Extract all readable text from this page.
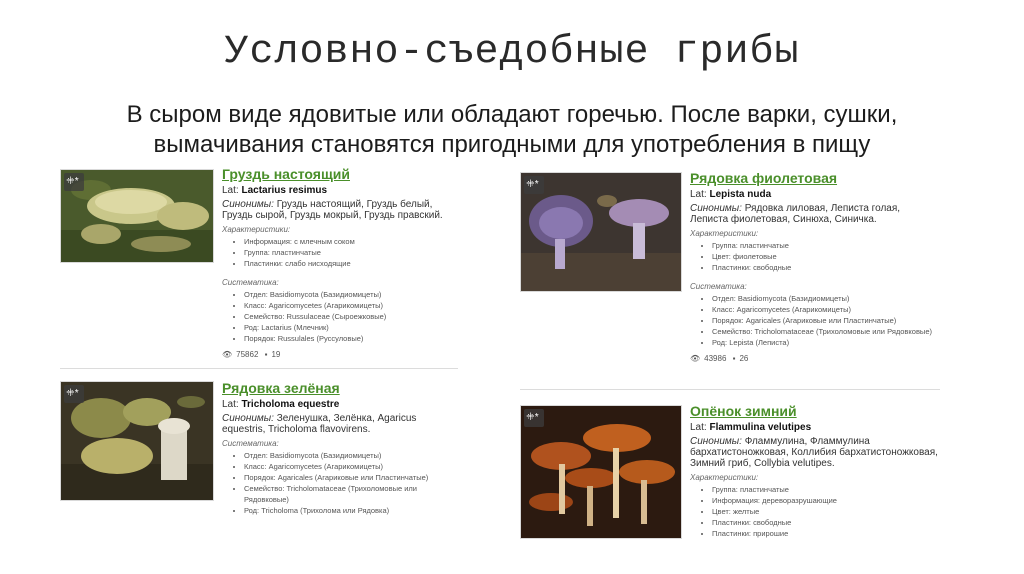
Условно-съедобные грибы
В сыром виде ядовитые или обладают горечью. После варки, сушки,
вымачивания становятся пригодными для употребления в пищу
ꔰ*	Груздь настоящий
Lat: Lactarius resimus
Синонимы: Груздь настоящий, Груздь белый, Груздь сырой, Груздь мокрый, Груздь правский.
Характеристики:
• Информация: с млечным соком
• Группа: пластинчатые
• Пластинки: слабо нисходящие
Систематика:
• Отдел: Basidiomycota (Базидиомицеты)
• Класс: Agaricomycetes (Агарикомицеты)
• Семейство: Russulaceae (Сыроежковые)
• Род: Lactarius (Млечник)
• Порядок: Russulales (Руссуловые)
👁 75862 ▪ 19
ꔰ*	Рядовка фиолетовая
Lat: Lepista nuda
Синонимы: Рядовка лиловая, Леписта голая, Леписта фиолетовая, Синюха, Синичка.
Характеристики:
• Группа: пластинчатые
• Цвет: фиолетовые
• Пластинки: свободные
Систематика:
• Отдел: Basidiomycota (Базидиомицеты)
• Класс: Agaricomycetes (Агарикомицеты)
• Порядок: Agaricales (Агариковые или Пластинчатые)
• Семейство: Tricholomataceae (Трихоломовые или Рядовковые)
• Род: Lepista (Леписта)
👁 43986 ▪ 26
ꔰ*	Рядовка зелёная
Lat: Tricholoma equestre
Синонимы: Зеленушка, Зелёнка, Agaricus equestris, Tricholoma flavovirens.
Систематика:
• Отдел: Basidiomycota (Базидиомицеты)
• Класс: Agaricomycetes (Агарикомицеты)
• Порядок: Agaricales (Агариковые или Пластинчатые)
• Семейство: Tricholomataceae (Трихоломовые или Рядовковые)
• Род: Tricholoma (Трихолома или Рядовка)
ꔰ*	Опёнок зимний
Lat: Flammulina velutipes
Синонимы: Фламмулина, Фламмулина бархатистоножковая, Коллибия бархатистоножковая, Зимний гриб, Collybia velutipes.
Характеристики:
• Группа: пластинчатые
• Информация: дереворазрушающие
• Цвет: желтые
• Пластинки: свободные
• Пластинки: прирошие
